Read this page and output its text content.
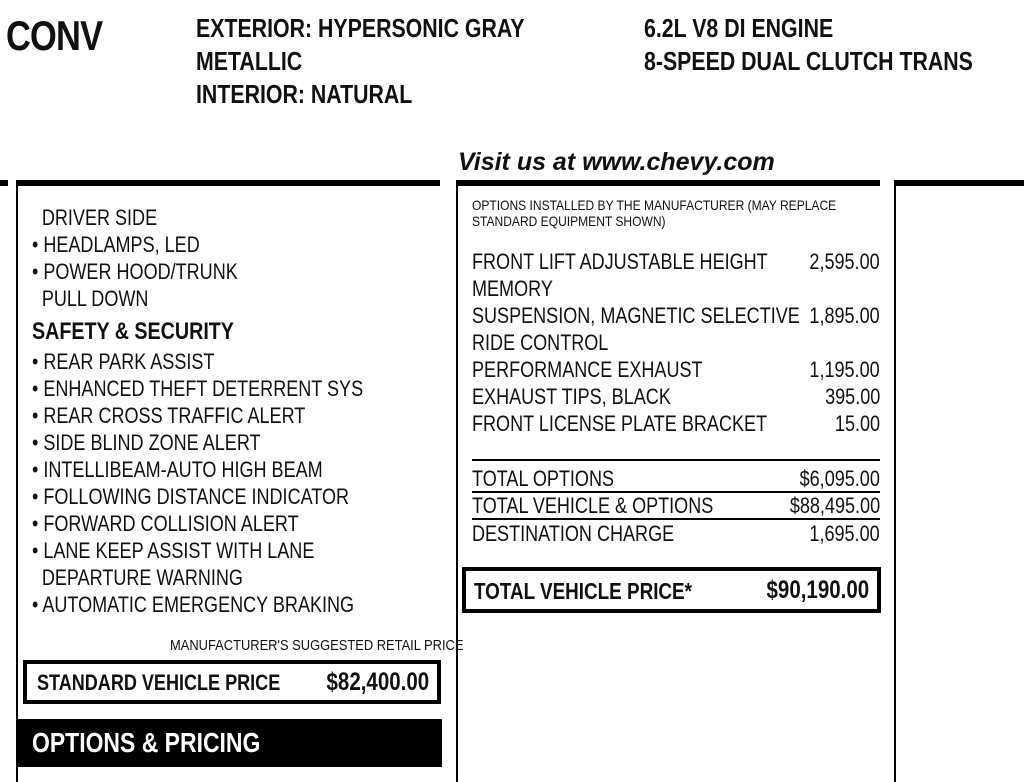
CONV	EXTERIOR: HYPERSONIC GRAY
METALLIC
INTERIOR: NATURAL
6.2L V8 DI ENGINE
8-SPEED DUAL CLUTCH TRANS
Visit us at www.chevy.com
DRIVER SIDE
• HEADLAMPS, LED
• POWER HOOD/TRUNK
PULL DOWN
SAFETY & SECURITY
• REAR PARK ASSIST
• ENHANCED THEFT DETERRENT SYS
• REAR CROSS TRAFFIC ALERT
• SIDE BLIND ZONE ALERT
• INTELLIBEAM-AUTO HIGH BEAM
• FOLLOWING DISTANCE INDICATOR
• FORWARD COLLISION ALERT
• LANE KEEP ASSIST WITH LANE
DEPARTURE WARNING
• AUTOMATIC EMERGENCY BRAKING
MANUFACTURER'S SUGGESTED RETAIL PRICE
STANDARD VEHICLE PRICE	$82,400.00
OPTIONS & PRICING
OPTIONS INSTALLED BY THE MANUFACTURER (MAY REPLACE
STANDARD EQUIPMENT SHOWN)
FRONT LIFT ADJUSTABLE HEIGHT
MEMORY
2,595.00
SUSPENSION, MAGNETIC SELECTIVE
RIDE CONTROL
1,895.00
PERFORMANCE EXHAUST	1,195.00
EXHAUST TIPS, BLACK	395.00
FRONT LICENSE PLATE BRACKET	15.00
TOTAL OPTIONS	$6,095.00
TOTAL VEHICLE & OPTIONS	$88,495.00
DESTINATION CHARGE	1,695.00
TOTAL VEHICLE PRICE*	$90,190.00
